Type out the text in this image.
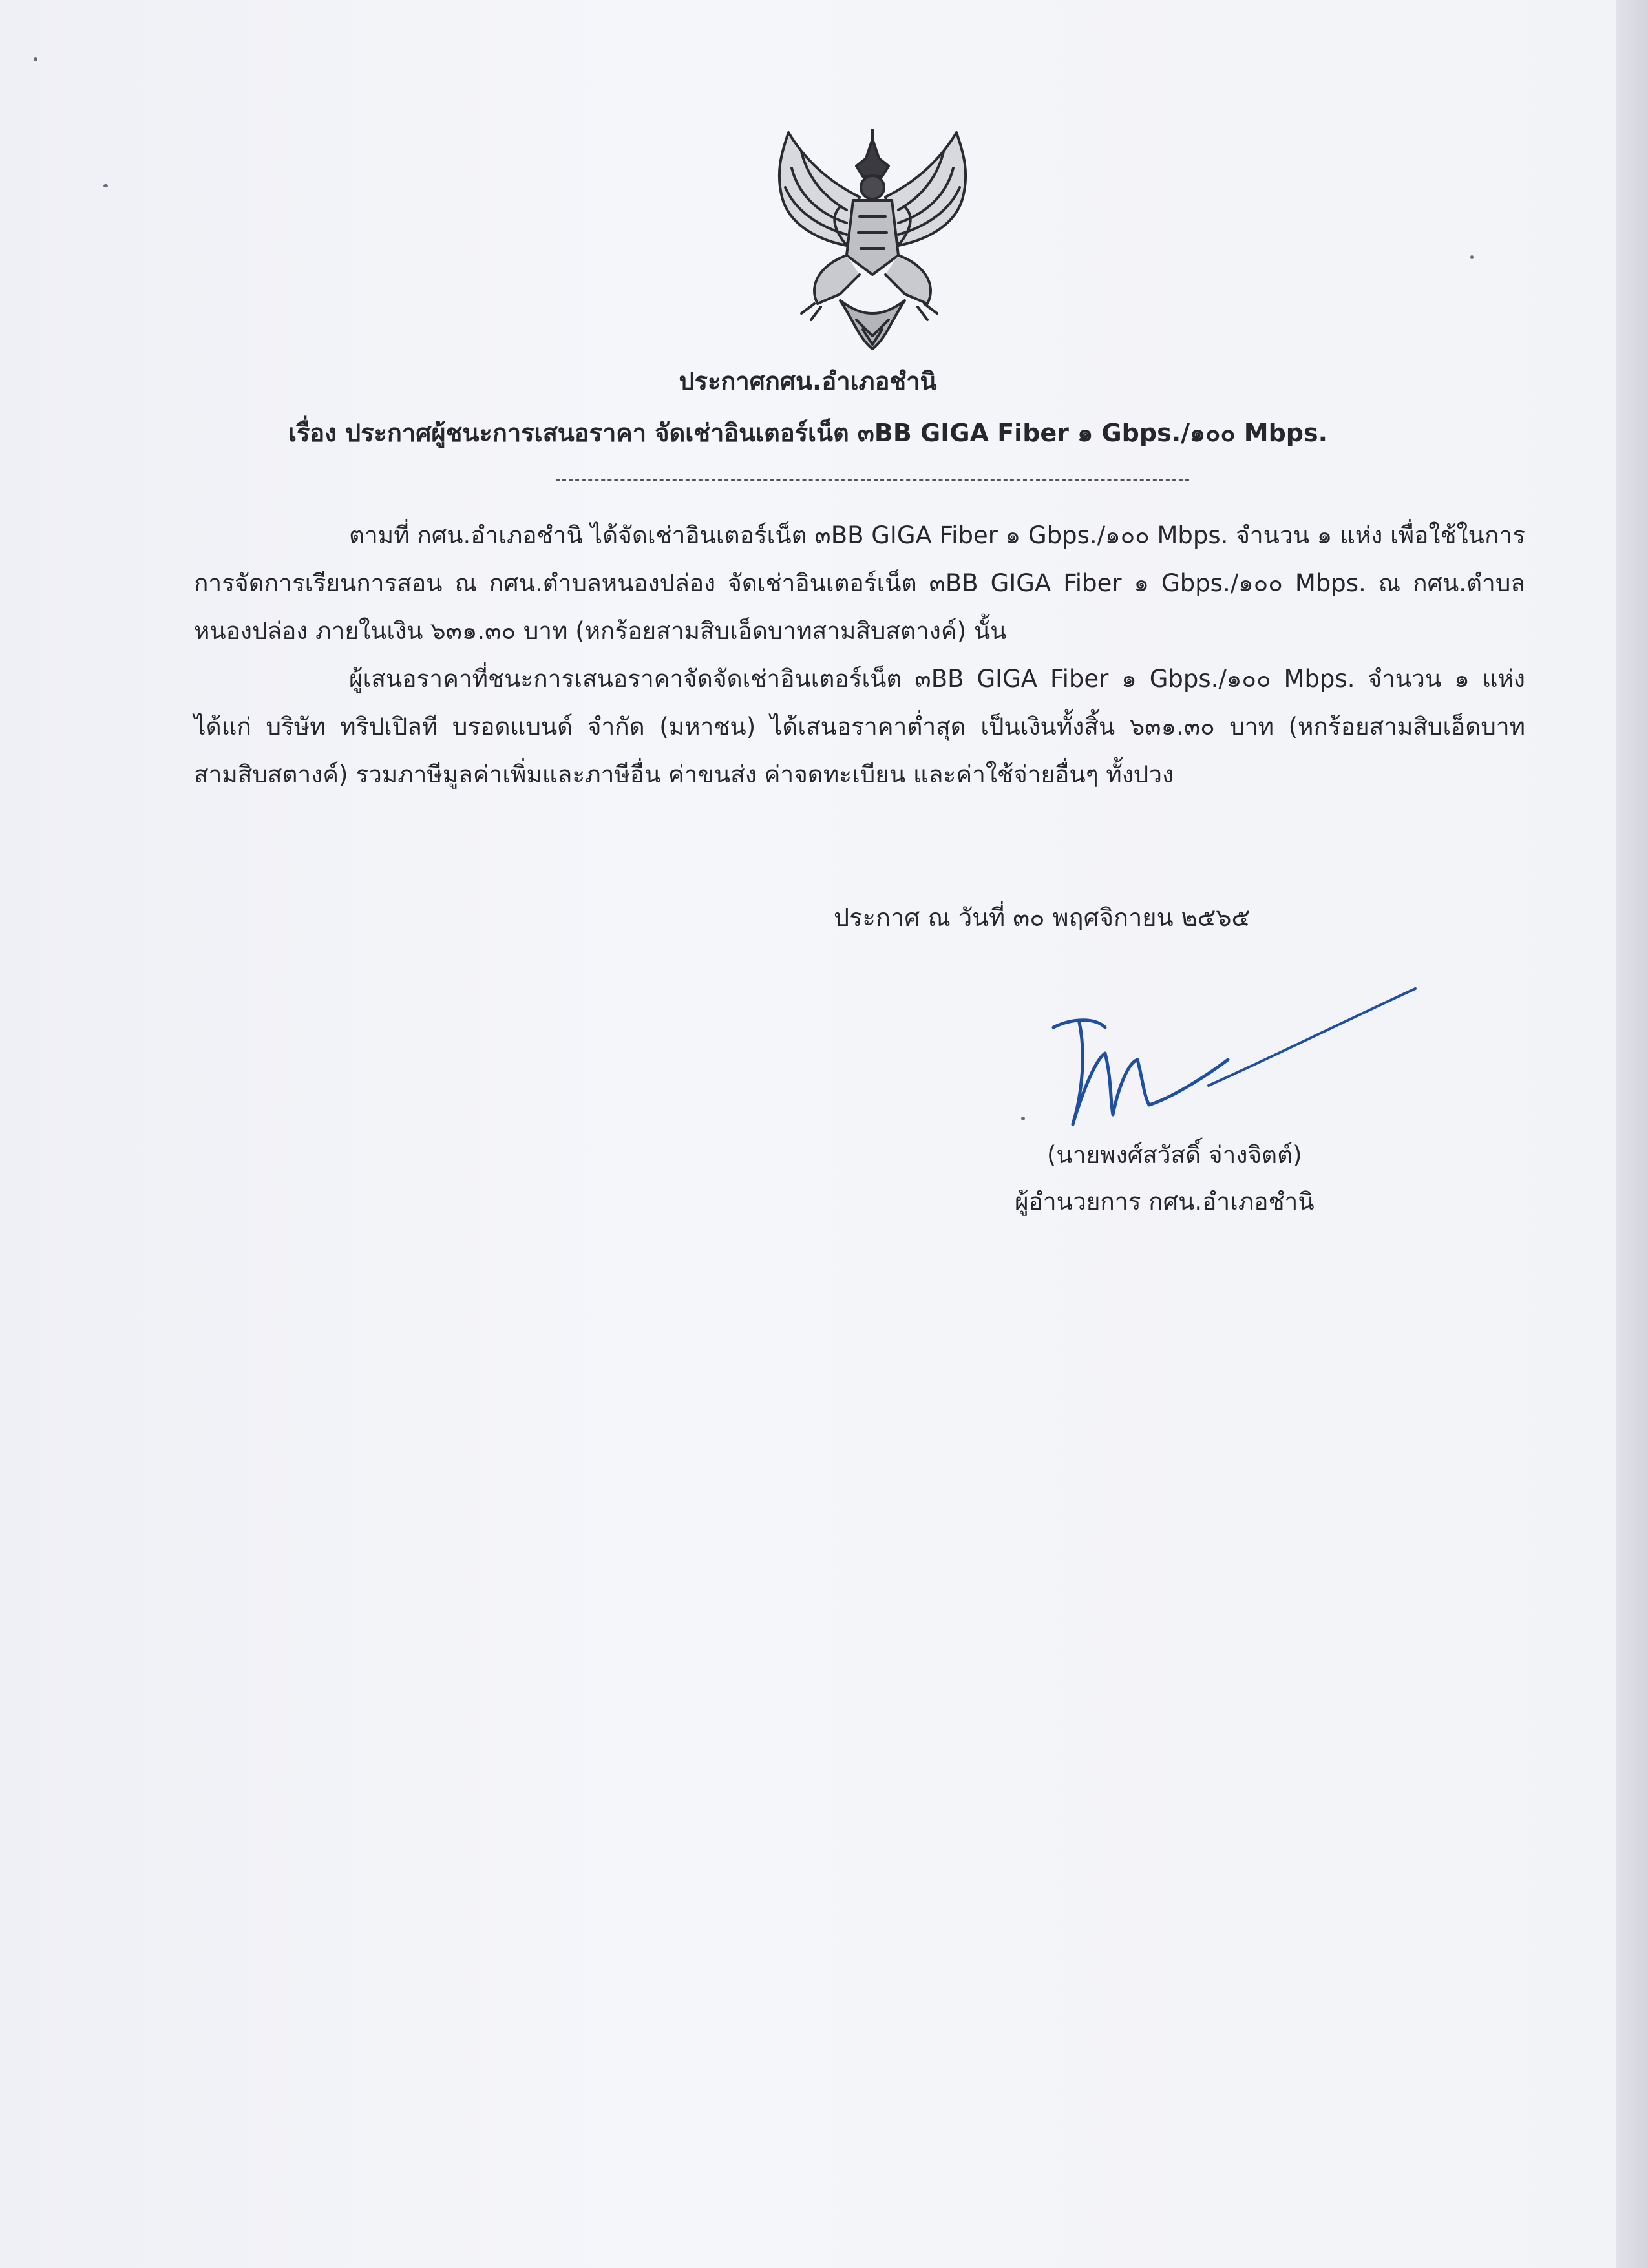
ประกาศกศน.อำเภอชำนิ
เรื่อง ประกาศผู้ชนะการเสนอราคา จัดเช่าอินเตอร์เน็ต ๓BB GIGA Fiber ๑ Gbps./๑๐๐ Mbps.
ตามที่ กศน.อำเภอชำนิ ได้จัดเช่าอินเตอร์เน็ต ๓BB GIGA Fiber ๑ Gbps./๑๐๐ Mbps. จำนวน ๑ แห่ง เพื่อใช้ในการการจัดการเรียนการสอน ณ กศน.ตำบลหนองปล่อง จัดเช่าอินเตอร์เน็ต ๓BB GIGA Fiber ๑ Gbps./๑๐๐ Mbps. ณ กศน.ตำบลหนองปล่อง ภายในเงิน ๖๓๑.๓๐ บาท (หกร้อยสามสิบเอ็ดบาทสามสิบสตางค์) นั้น
ผู้เสนอราคาที่ชนะการเสนอราคาจัดจัดเช่าอินเตอร์เน็ต ๓BB GIGA Fiber ๑ Gbps./๑๐๐ Mbps. จำนวน ๑ แห่ง ได้แก่ บริษัท ทริปเปิลที บรอดแบนด์ จำกัด (มหาชน) ได้เสนอราคาต่ำสุด เป็นเงินทั้งสิ้น ๖๓๑.๓๐ บาท (หกร้อยสามสิบเอ็ดบาทสามสิบสตางค์) รวมภาษีมูลค่าเพิ่มและภาษีอื่น ค่าขนส่ง ค่าจดทะเบียน และค่าใช้จ่ายอื่นๆ ทั้งปวง
ประกาศ ณ วันที่ ๓๐ พฤศจิกายน ๒๕๖๕
(นายพงศ์สวัสดิ์ จ่างจิตต์)
ผู้อำนวยการ กศน.อำเภอชำนิ
